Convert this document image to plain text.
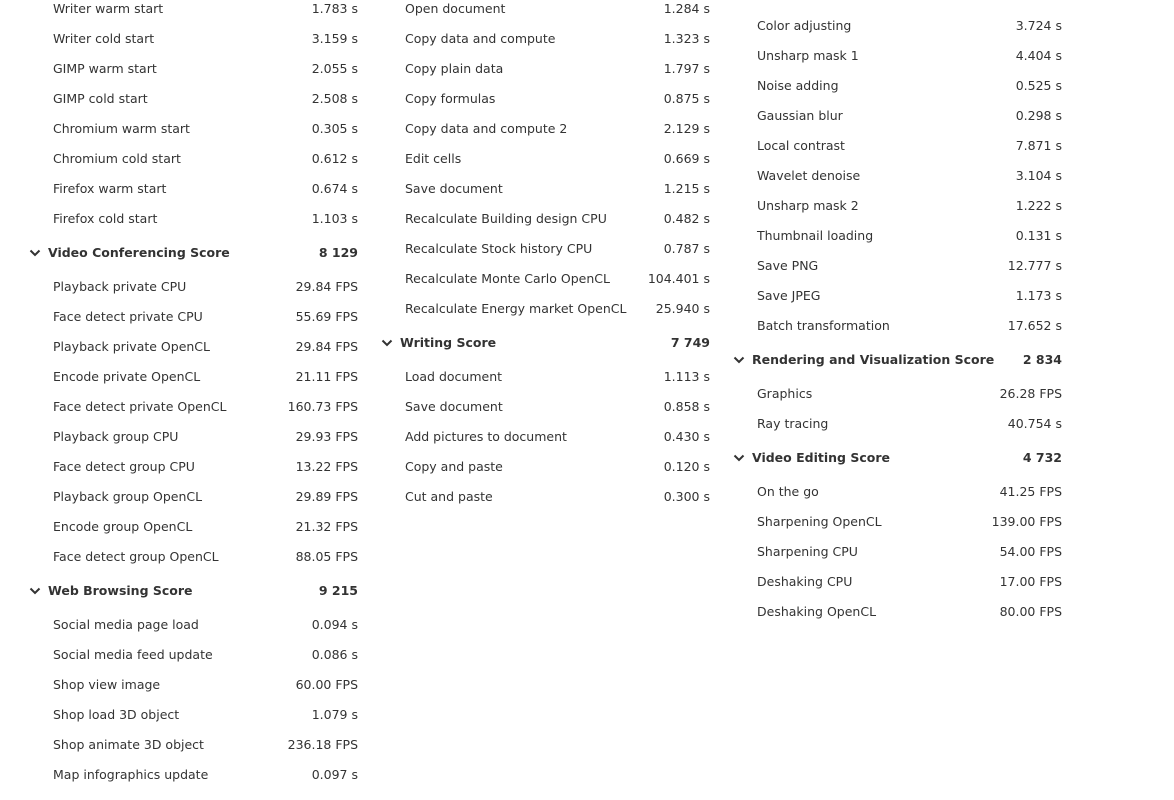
Writer warm start	1.783 s
Writer cold start	3.159 s
GIMP warm start	2.055 s
GIMP cold start	2.508 s
Chromium warm start	0.305 s
Chromium cold start	0.612 s
Firefox warm start	0.674 s
Firefox cold start	1.103 s
Video Conferencing Score	8 129
Playback private CPU	29.84 FPS
Face detect private CPU	55.69 FPS
Playback private OpenCL	29.84 FPS
Encode private OpenCL	21.11 FPS
Face detect private OpenCL	160.73 FPS
Playback group CPU	29.93 FPS
Face detect group CPU	13.22 FPS
Playback group OpenCL	29.89 FPS
Encode group OpenCL	21.32 FPS
Face detect group OpenCL	88.05 FPS
Web Browsing Score	9 215
Social media page load	0.094 s
Social media feed update	0.086 s
Shop view image	60.00 FPS
Shop load 3D object	1.079 s
Shop animate 3D object	236.18 FPS
Map infographics update	0.097 s
Open document	1.284 s
Copy data and compute	1.323 s
Copy plain data	1.797 s
Copy formulas	0.875 s
Copy data and compute 2	2.129 s
Edit cells	0.669 s
Save document	1.215 s
Recalculate Building design CPU	0.482 s
Recalculate Stock history CPU	0.787 s
Recalculate Monte Carlo OpenCL	104.401 s
Recalculate Energy market OpenCL 25.940 s
Writing Score	7 749
Load document	1.113 s
Save document	0.858 s
Add pictures to document	0.430 s
Copy and paste	0.120 s
Cut and paste	0.300 s
Color adjusting	3.724 s
Unsharp mask 1	4.404 s
Noise adding	0.525 s
Gaussian blur	0.298 s
Local contrast	7.871 s
Wavelet denoise	3.104 s
Unsharp mask 2	1.222 s
Thumbnail loading	0.131 s
Save PNG	12.777 s
Save JPEG	1.173 s
Batch transformation	17.652 s
Rendering and Visualization Score 2 834
Graphics	26.28 FPS
Ray tracing	40.754 s
Video Editing Score	4 732
On the go	41.25 FPS
Sharpening OpenCL	139.00 FPS
Sharpening CPU	54.00 FPS
Deshaking CPU	17.00 FPS
Deshaking OpenCL	80.00 FPS
